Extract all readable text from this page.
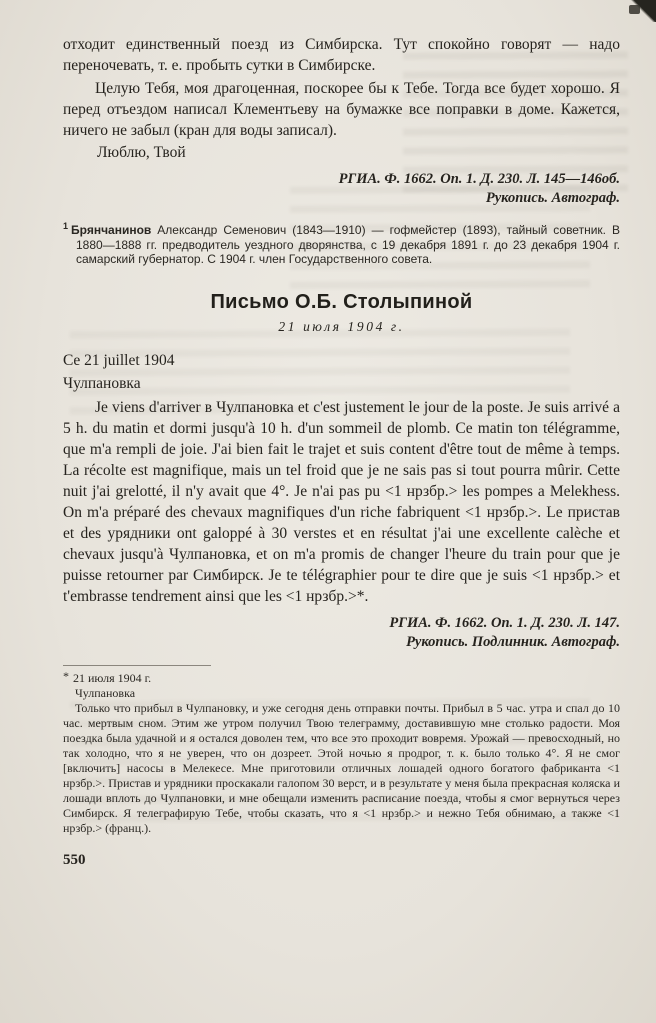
отходит единственный поезд из Симбирска. Тут спокойно говорят — надо переночевать, т. е. пробыть сутки в Симбирске.

Целую Тебя, моя драгоценная, поскорее бы к Тебе. Тогда все будет хорошо. Я перед отъездом написал Клементьеву на бумажке все поправки в доме. Кажется, ничего не забыл (кран для воды записал).

Люблю, Твой

РГИА. Ф. 1662. Оп. 1. Д. 230. Л. 145—146об.
Рукопись. Автограф.
$^1$ Брянчанинов Александр Семенович (1843—1910) — гофмейстер (1893), тайный советник. В 1880—1888 гг. предводитель уездного дворянства, с 19 декабря 1891 г. до 23 декабря 1904 г. самарский губернатор. С 1904 г. член Государственного совета.
Письмо О.Б. Столыпиной
21 июля 1904 г.

Ce 21 juillet 1904

Чулпановка

Je viens d'arriver в Чулпановка et c'est justement le jour de la poste. Je suis arrivé a 5 h. du matin et dormi jusqu'à 10 h. d'un sommeil de plomb. Ce matin ton télégramme, que m'a rempli de joie. J'ai bien fait le trajet et suis content d'être tout de même à temps. La récolte est magnifique, mais un tel froid que je ne sais pas si tout pourra mûrir. Cette nuit j'ai grelotté, il n'y avait que 4°. Je n'ai pas pu <1 нрзбр.> les pompes a Melekhess. On m'a préparé des chevaux magnifiques d'un riche fabriquent <1 нрзбр.>. Le пристав et des урядники ont galoppé à 30 verstes et en résultat j'ai une excellente calèche et chevaux jusqu'à Чулпановка, et on m'a promis de changer l'heure du train pour que je puisse retourner par Симбирск. Je te télégraphier pour te dire que je suis <1 нрзбр.> et t'embrasse tendrement ainsi que les <1 нрзбр.>*.

РГИА. Ф. 1662. Оп. 1. Д. 230. Л. 147.
Рукопись. Подлинник. Автограф.
* 21 июля 1904 г.
Чулпановка

Только что прибыл в Чулпановку, и уже сегодня день отправки почты. Прибыл в 5 час. утра и спал до 10 час. мертвым сном. Этим же утром получил Твою телеграмму, доставившую мне столько радости. Моя поездка была удачной и я остался доволен тем, что все это проходит вовремя. Урожай — превосходный, но так холодно, что я не уверен, что он дозреет. Этой ночью я продрог, т. к. было только 4°. Я не смог [включить] насосы в Мелекесе. Мне приготовили отличных лошадей одного богатого фабриканта <1 нрзбр.>. Пристав и урядники проскакали галопом 30 верст, и в результате у меня была прекрасная коляска и лошади вплоть до Чулпановки, и мне обещали изменить расписание поезда, чтобы я смог вернуться через Симбирск. Я телеграфирую Тебе, чтобы сказать, что я <1 нрзбр.> и нежно Тебя обнимаю, а также <1 нрзбр.> (франц.).

550
